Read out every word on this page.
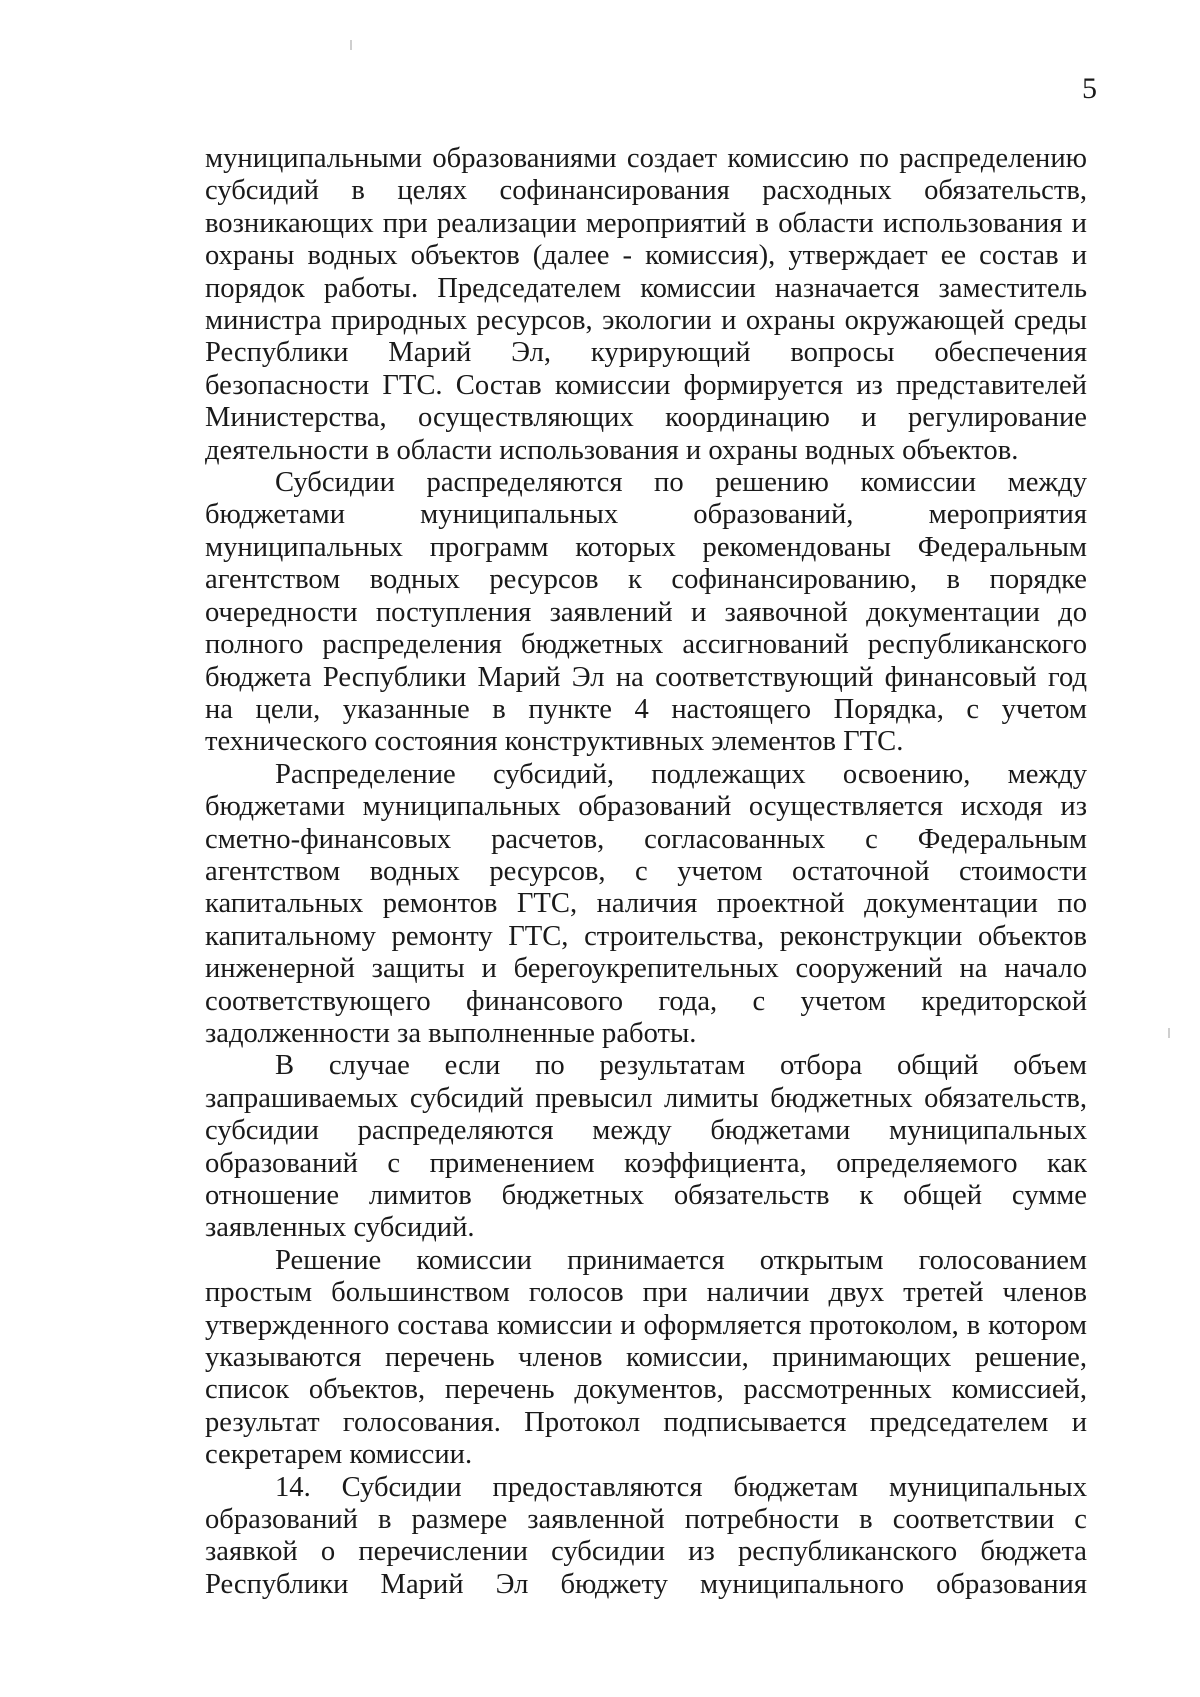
5

муниципальными образованиями создает комиссию по распределению субсидий в целях софинансирования расходных обязательств, возникающих при реализации мероприятий в области использования и охраны водных объектов (далее - комиссия), утверждает ее состав и порядок работы. Председателем комиссии назначается заместитель министра природных ресурсов, экологии и охраны окружающей среды Республики Марий Эл, курирующий вопросы обеспечения безопасности ГТС. Состав комиссии формируется из представителей Министерства, осуществляющих координацию и регулирование деятельности в области использования и охраны водных объектов.

Субсидии распределяются по решению комиссии между бюджетами муниципальных образований, мероприятия муниципальных программ которых рекомендованы Федеральным агентством водных ресурсов к софинансированию, в порядке очередности поступления заявлений и заявочной документации до полного распределения бюджетных ассигнований республиканского бюджета Республики Марий Эл на соответствующий финансовый год на цели, указанные в пункте 4 настоящего Порядка, с учетом технического состояния конструктивных элементов ГТС.

Распределение субсидий, подлежащих освоению, между бюджетами муниципальных образований осуществляется исходя из сметно-финансовых расчетов, согласованных с Федеральным агентством водных ресурсов, с учетом остаточной стоимости капитальных ремонтов ГТС, наличия проектной документации по капитальному ремонту ГТС, строительства, реконструкции объектов инженерной защиты и берегоукрепительных сооружений на начало соответствующего финансового года, с учетом кредиторской задолженности за выполненные работы.

В случае если по результатам отбора общий объем запрашиваемых субсидий превысил лимиты бюджетных обязательств, субсидии распределяются между бюджетами муниципальных образований с применением коэффициента, определяемого как отношение лимитов бюджетных обязательств к общей сумме заявленных субсидий.

Решение комиссии принимается открытым голосованием простым большинством голосов при наличии двух третей членов утвержденного состава комиссии и оформляется протоколом, в котором указываются перечень членов комиссии, принимающих решение, список объектов, перечень документов, рассмотренных комиссией, результат голосования. Протокол подписывается председателем и секретарем комиссии.

14. Субсидии предоставляются бюджетам муниципальных образований в размере заявленной потребности в соответствии с заявкой о перечислении субсидии из республиканского бюджета Республики Марий Эл бюджету муниципального образования
